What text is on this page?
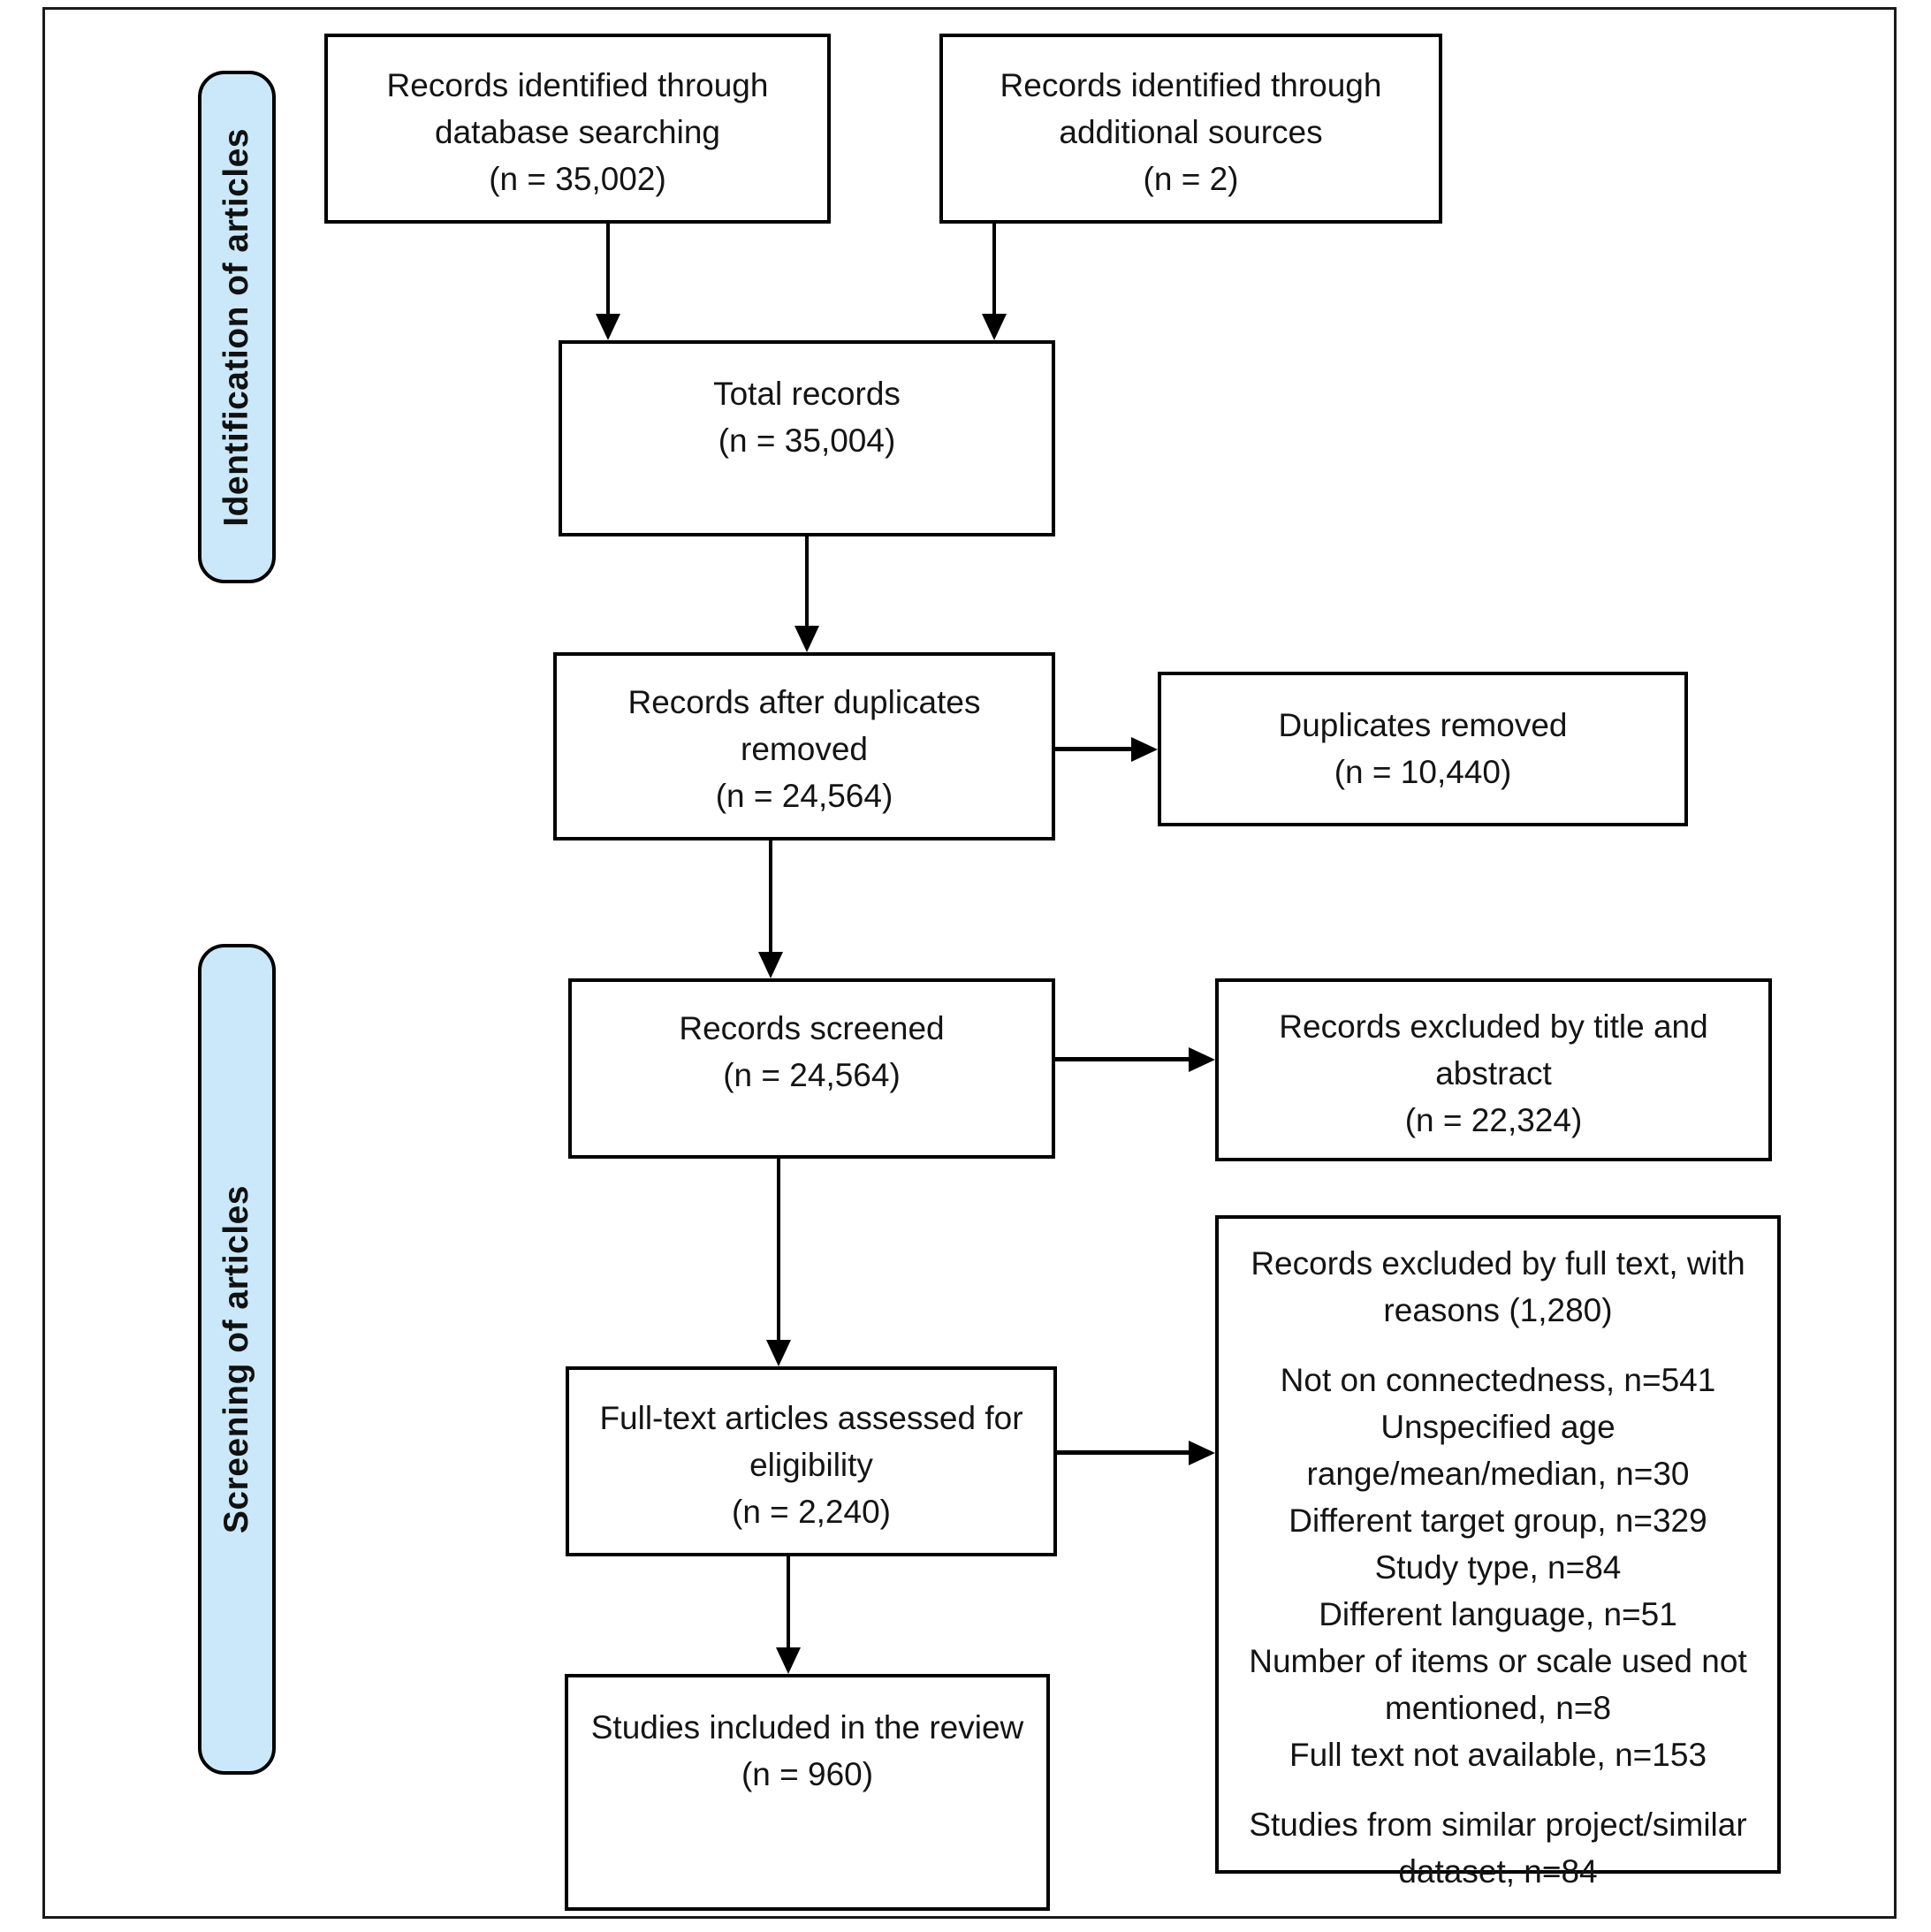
Identification of articles
Screening of articles
Records identified through
database searching
(n = 35,002)
Records identified through
additional sources
(n = 2)
Total records
(n = 35,004)
Records after duplicates
removed
(n = 24,564)
Duplicates removed
(n = 10,440)
Records screened
(n = 24,564)
Records excluded by title and
abstract
(n = 22,324)
Records excluded by full text, with reasons (1,280)
Not on connectedness, n=541
Unspecified age range/mean/median, n=30
Different target group, n=329
Study type, n=84
Different language, n=51
Number of items or scale used not mentioned, n=8
Full text not available, n=153
Studies from similar project/similar dataset, n=84
Full-text articles assessed for
eligibility
(n = 2,240)
Studies included in the review
(n = 960)
